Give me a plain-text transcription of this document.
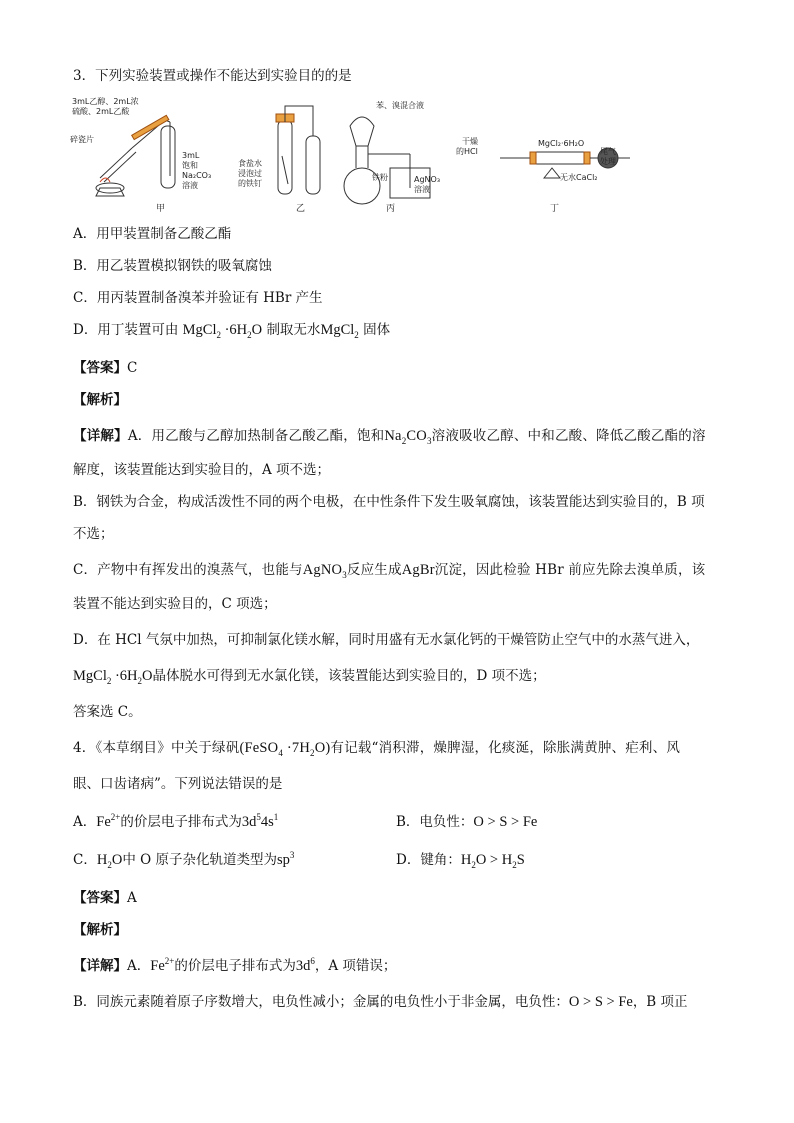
3．下列实验装置或操作不能达到实验目的的是
3mL乙醇、2mL浓
硫酸、2mL乙酸
碎瓷片
3mL
饱和
Na₂CO₃
溶液
甲
食盐水
浸泡过
的铁钉
乙
苯、溴混合液
铁粉	AgNO₃
溶液
丙
干燥
的HCl
MgCl₂·6H₂O
无水CaCl₂
尾气
处理
丁
A．用甲装置制备乙酸乙酯
B．用乙装置模拟钢铁的吸氧腐蚀
C．用丙装置制备溴苯并验证有 HBr 产生
D．用丁装置可由 MgCl$_2$ $\cdot 6H_2O$ 制取无水MgCl$_2$ 固体
【答案】C
【解析】
【详解】A．用乙酸与乙醇加热制备乙酸乙酯，饱和$Na_2CO_3$溶液吸收乙醇、中和乙酸、降低乙酸乙酯的溶
解度，该装置能达到实验目的，A 项不选；
B．钢铁为合金，构成活泼性不同的两个电极，在中性条件下发生吸氧腐蚀，该装置能达到实验目的，B 项
不选；
C．产物中有挥发出的溴蒸气，也能与AgNO$_3$反应生成AgBr沉淀，因此检验 HBr 前应先除去溴单质，该
装置不能达到实验目的，C 项选；
D．在 HCl 气氛中加热，可抑制氯化镁水解，同时用盛有无水氯化钙的干燥管防止空气中的水蒸气进入，
MgCl$_2$ $\cdot 6H_2O$晶体脱水可得到无水氯化镁，该装置能达到实验目的，D 项不选；
答案选 C。
4．《本草纲目》中关于绿矾(FeSO$_4$ $\cdot 7H_2O$)有记载“消积滞，燥脾湿，化痰涎，除胀满黄肿、疟利、风
眼、口齿诸病”。下列说法错误的是
A．$Fe^{2+}$的价层电子排布式为$3d^54s^1$	B．电负性：O > S > Fe
C．$H_2O$中 O 原子杂化轨道类型为$sp^3$	D．键角：$H_2O > H_2S$
【答案】A
【解析】
【详解】A．$Fe^{2+}$的价层电子排布式为$3d^6$，A 项错误；
B．同族元素随着原子序数增大，电负性减小；金属的电负性小于非金属，电负性：O > S > Fe，B 项正
